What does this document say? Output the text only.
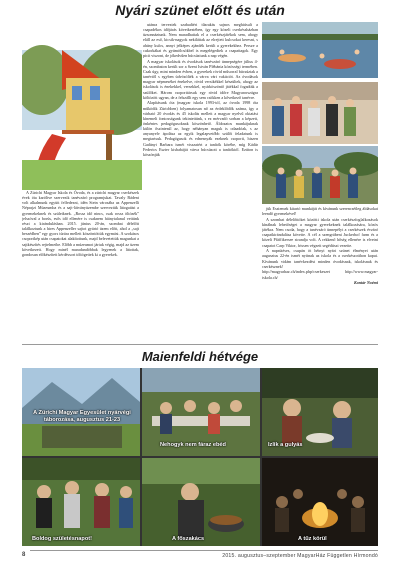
Nyári szünet előtt és után

A Zürichi Magyar Iskola és Óvoda, és a zürichi magyar cserkészek évek óta karöltve szervezik tanévzáró programjukat. Tavaly Bádent volt alkalmunk együtt felfedezni, idén Stein városába az Appenzelli Néprajzi Múzeumba és a sajt-látványüzembe szerveztük látogatást a gyermekeknek és szüleiknek. „Rossz idő nincs, csak rossz öltözék” jelszóval a borús, esős idő ellenére is csaknem hiánytalanul vettünk részt a kirándulásban. 2015. június 20-án, szombat délelőtt találkoztunk a hires Appenzeller sajtot gyártó üzem előtt, ahol a „sajt beszédben” egy gyors túrára mellett köszöntöttük egymást. A szokásos csoportkép után csapatokat alakítottunk, majd belevetettük magunkat a sajtkészítés rejtelmeibe. Előbb a múzeumot jártuk végig, majd az üzem következett. Hogy minél maradandóbbak legyenek a látottak, gondosan előkészített kérdéssort töltögettek ki a gyerekek.

utánra terveztek szabadtéri tűzrakás sajnos meghiúsult a csapadékos időjárás következtében, így egy közeli cserkészházban üzsonnáztunk. Nem maradhattak el a cserkészjátékok sem, ahogy eláll az eső, kicsik-nagyok nekiláttak az elrejtett kulcsokat keresni, s ahány kulcs, annyi jelképes ajándék került a gyerekekhez. Persze a cukorkákat és gyümölcsökbel is megelégedtek a csapattagok. Egy picit viszont, de jókedvűen búcsúztunk a nap végén.

A magyar iskolások és óvodások tanévzáró ünnepségére július 4-én, szombaton került sor a Szent István Plébánia közösségi termében. Csak úgy, mint minden évben, a gyerekek rövid műsorral búcsúztak a tanévtől s egyben üdvözölték a várva várt vakációt. Az óvodások magyar népmeséket énekelve, rövid versikékkel készültek, ahogy az iskolások is énekekkel, versekkel, nyárköszöntő játékkal fogadták a szülőket. Három csoporttársuk egy rövid időre Magyarországra költözött ugyan, de a felszállt egy sem csökken a kővetkező tanévre.

Alapításunk óta (magyar iskola 1993-tól, az óvoda 1998 óta működik Zürichben) folyamatosan nő az érdeklődők száma, így a várható 20 óvodás és 45 iskolás mellett a magyar nyelvű oktatást kínemeli fontosságunk tekintettünk, s ez mérvadó sorban a képzett, önkéntes pedagógusoknak köszönhető. Áldozatos munkájuknak külön őszintesúl az, hogy néhányan maguk is odaadóak, s az anyanyelv ápolása az egyik legalapvetőbb szülői feladatunk is megtartsuk. Pedagógusok és ednesnyák ezeknek csoporti, hiszen Gadányi Barbara ismét visszatért a tanítók körébe, míg Kádár Federics Eszter kisbabáját várva búcsúzott a tanítóktól. Ezúton is köszönjük

jük Esztemek kitartó munkáját és kívánunk szerencsétleg áldásokat leendő gyermekével!

A szombat délelőttöket közötti iskola után cserkészfoglalkozások kínálnak lehetőséget a magyar gyerekeknek találkozására, közös játékra. Nem csoda, hogy a tanévzáró ünnepélyt a cserkészek évzáró csapatkirándulása követte. A cél a szengrábeni Juckerhof farm és a közeli Pfäffikersee strandja volt. A rekkenő hőség ellenére is elvetni csapatot Carp Viktor, frissen végzett segédtiszt vezette.

A napsütéses, csupán öt hétnyi nyári szünet élményei után augusztus 22-én ismét nyitnak az iskola és a cserkészotthon kapui. Kívánunk vidám tanévkezdést minden óvodásnak, iskolásnak és cserkésznek!

http://magyarhaz.ch/index.php/cserkeszet http://www.magyar-iskola.ch/

Kontár Noémi

Maienfeldi hétvége
A Zürichi Magyar Egyesület nyárvégi táborozása, augusztus 21-23
Nehogyk nem fáraz ebéd	Izlik a gulyás
Boldog születésnapot!	A főszakács	A tűz körül
8	2015. augusztus–szeptember MagyarHáz Független Hírmondó
